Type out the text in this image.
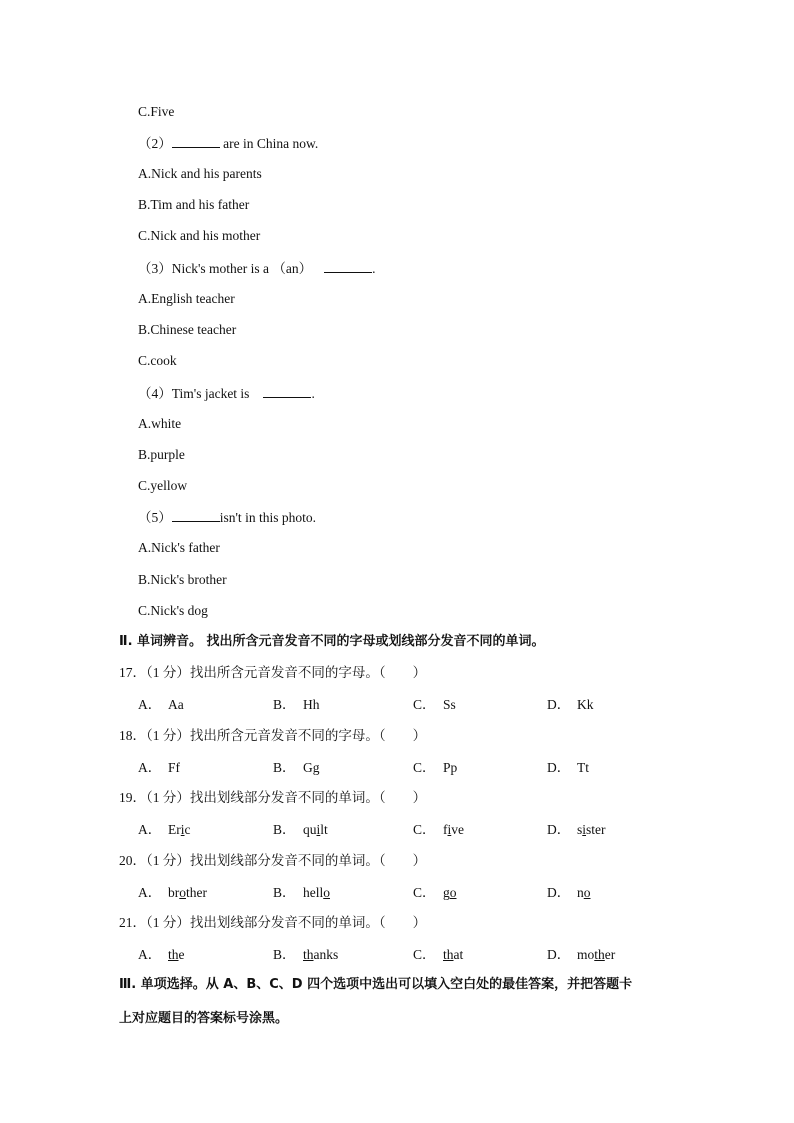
C.Five
（2）	are in China now.
A.Nick and his parents
B.Tim and his father
C.Nick and his mother
（3）Nick's mother is a （an）	.
A.English teacher
B.Chinese teacher
C.cook
（4）Tim's jacket is	.
A.white
B.purple
C.yellow
（5）	isn't in this photo.
A.Nick's father
B.Nick's brother
C.Nick's dog
Ⅱ. 单词辨音。 找出所含元音发音不同的字母或划线部分发音不同的单词。
17．（1 分）找出所含元音发音不同的字母。（　　）
A． Aa	B． Hh	C． Ss	D． Kk
18．（1 分）找出所含元音发音不同的字母。（　　）
A． Ff	B． Gg	C． Pp	D． Tt
19．（1 分）找出划线部分发音不同的单词。（　　）
A． Eric	B． quilt	C． five	D． sister
20．（1 分）找出划线部分发音不同的单词。（　　）
A． brother	B． hello	C． go	D． no
21．（1 分）找出划线部分发音不同的单词。（　　）
A． the	B． thanks	C． that	D． mother
Ⅲ. 单项选择。从 A、B、C、D 四个选项中选出可以填入空白处的最佳答案，并把答题卡
上对应题目的答案标号涂黑。
